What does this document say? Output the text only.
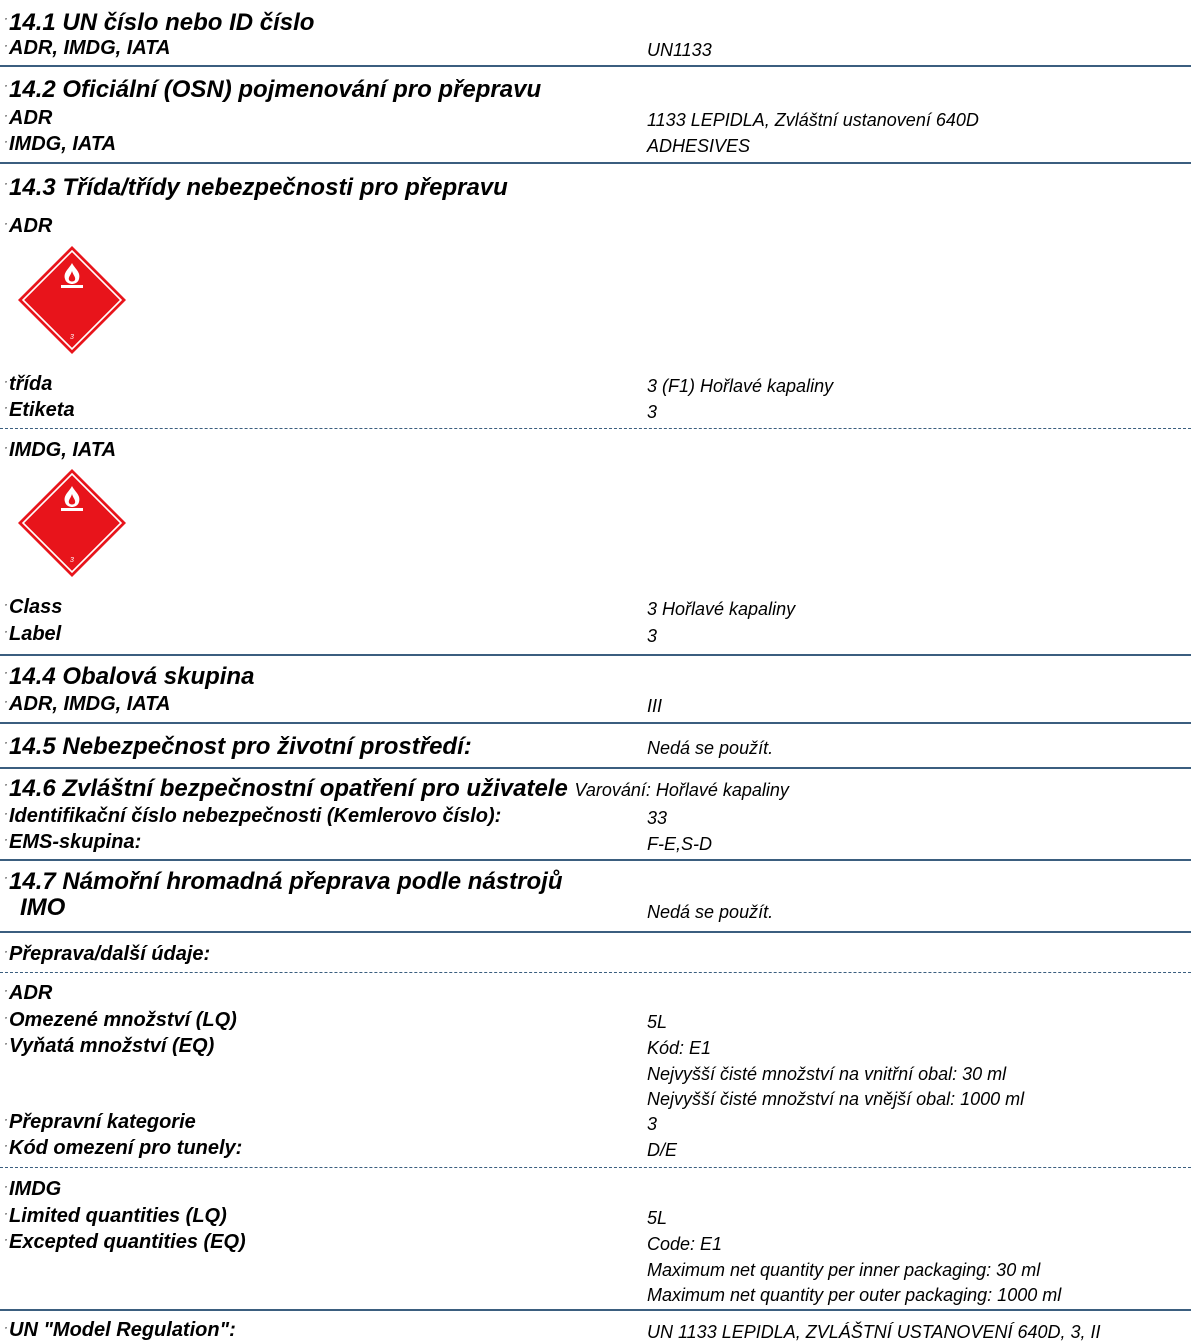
·14.1 UN číslo nebo ID číslo
·ADR, IMDG, IATA	UN1133
·14.2 Oficiální (OSN) pojmenování pro přepravu
·ADR	1133 LEPIDLA, Zvláštní ustanovení 640D
·IMDG, IATA	ADHESIVES
·14.3 Třída/třídy nebezpečnosti pro přepravu
·ADR
3
·třída	3 (F1) Hořlavé kapaliny
·Etiketa	3
·IMDG, IATA
3
·Class	3 Hořlavé kapaliny
·Label	3
·14.4 Obalová skupina
·ADR, IMDG, IATA	III
·14.5 Nebezpečnost pro životní prostředí:	Nedá se použít.
·14.6 Zvláštní bezpečnostní opatření pro uživatele Varování: Hořlavé kapaliny
·Identifikační číslo nebezpečnosti (Kemlerovo číslo):	33
·EMS-skupina:	F-E,S-D
·14.7 Námořní hromadná přeprava podle nástrojů
IMO	Nedá se použít.
·Přeprava/další údaje:
·ADR
·Omezené množství (LQ)	5L
·Vyňatá množství (EQ)	Kód: E1
Nejvyšší čisté množství na vnitřní obal: 30 ml
Nejvyšší čisté množství na vnější obal: 1000 ml
·Přepravní kategorie	3
·Kód omezení pro tunely:	D/E
·IMDG
·Limited quantities (LQ)	5L
·Excepted quantities (EQ)	Code: E1
Maximum net quantity per inner packaging: 30 ml
Maximum net quantity per outer packaging: 1000 ml
·UN "Model Regulation":	UN 1133 LEPIDLA, ZVLÁŠTNÍ USTANOVENÍ 640D, 3, II
